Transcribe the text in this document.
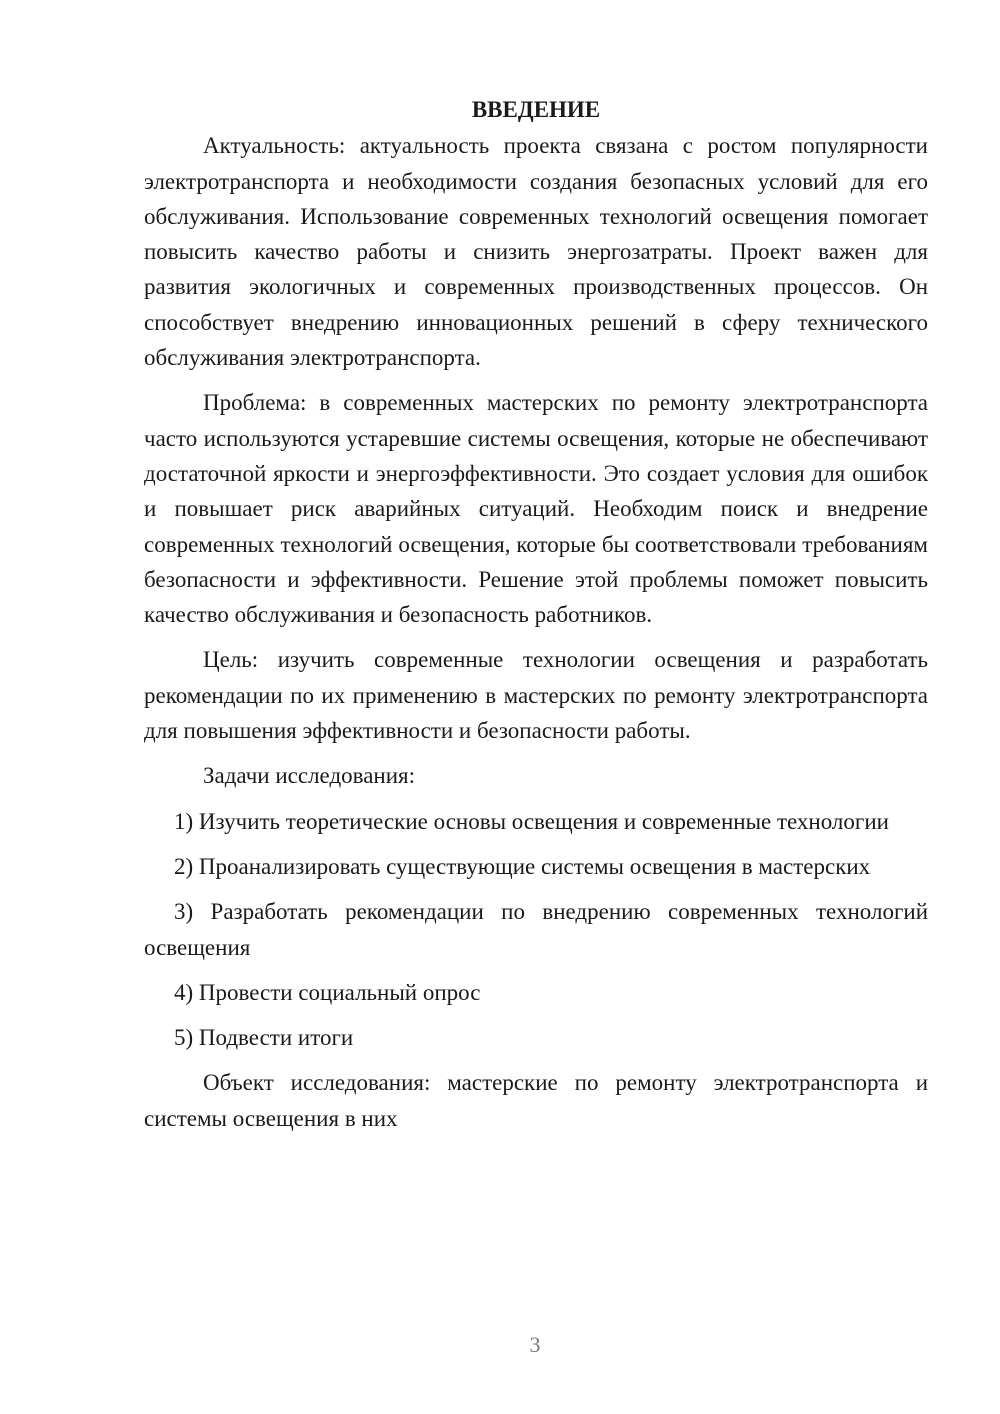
ВВЕДЕНИЕ

Актуальность: актуальность проекта связана с ростом популярности электротранспорта и необходимости создания безопасных условий для его обслуживания. Использование современных технологий освещения помогает повысить качество работы и снизить энергозатраты. Проект важен для развития экологичных и современных производственных процессов. Он способствует внедрению инновационных решений в сферу технического обслуживания электротранспорта.

Проблема: в современных мастерских по ремонту электротранспорта часто используются устаревшие системы освещения, которые не обеспечивают достаточной яркости и энергоэффективности. Это создает условия для ошибок и повышает риск аварийных ситуаций. Необходим поиск и внедрение современных технологий освещения, которые бы соответствовали требованиям безопасности и эффективности. Решение этой проблемы поможет повысить качество обслуживания и безопасность работников.

Цель: изучить современные технологии освещения и разработать рекомендации по их применению в мастерских по ремонту электротранспорта для повышения эффективности и безопасности работы.

Задачи исследования:

1) Изучить теоретические основы освещения и современные технологии

2) Проанализировать существующие системы освещения в мастерских

3) Разработать рекомендации по внедрению современных технологий освещения

4) Провести социальный опрос

5) Подвести итоги

Объект исследования: мастерские по ремонту электротранспорта и системы освещения в них

3
